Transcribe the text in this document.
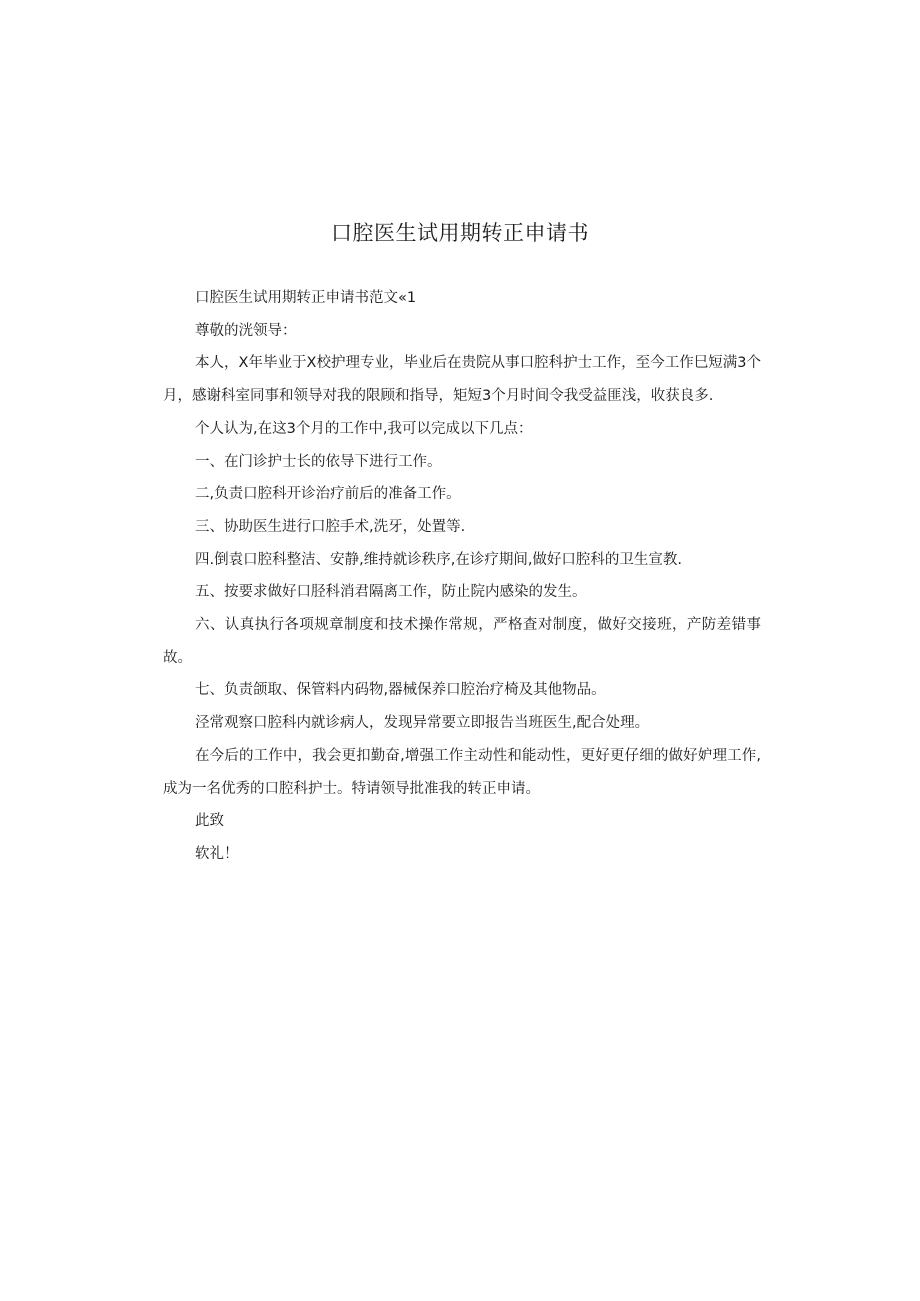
口腔医生试用期转正申请书

口腔医生试用期转正申请书范文«1

尊敬的洸领导：

本人，X年毕业于X校护理专业，毕业后在贵院从事口腔科护士工作，至今工作巳短满3个月，感谢科室同事和领导对我的限顾和指导，矩短3个月时间令我受益匪浅，收获良多.

个人认为,在这3个月的工作中,我可以完成以下几点：

一、在门诊护士长的依导下进行工作。

二,负责口腔科开诊治疗前后的准备工作。

三、协助医生进行口腔手术,洗牙，处置等.

四.倒袁口腔科整洁、安静,维持就诊秩序,在诊疗期间,做好口腔科的卫生宣教.

五、按要求做好口胫科消君隔离工作，防止院内感染的发生。

六、认真执行各项规章制度和技术操作常规，严格査对制度，做好交接班，产防差错事故。

七、负责颌取、保管料内码物,器械保养口腔治疗椅及其他物品。

泾常观察口腔科内就诊病人，发现异常要立即报告当班医生,配合处理。

在今后的工作中，我会更扣勤奋,增强工作主动性和能动性，更好更仔细的做好妒理工作,成为一名优秀的口腔科护士。特请领导批准我的转正申请。

此致

软礼！
